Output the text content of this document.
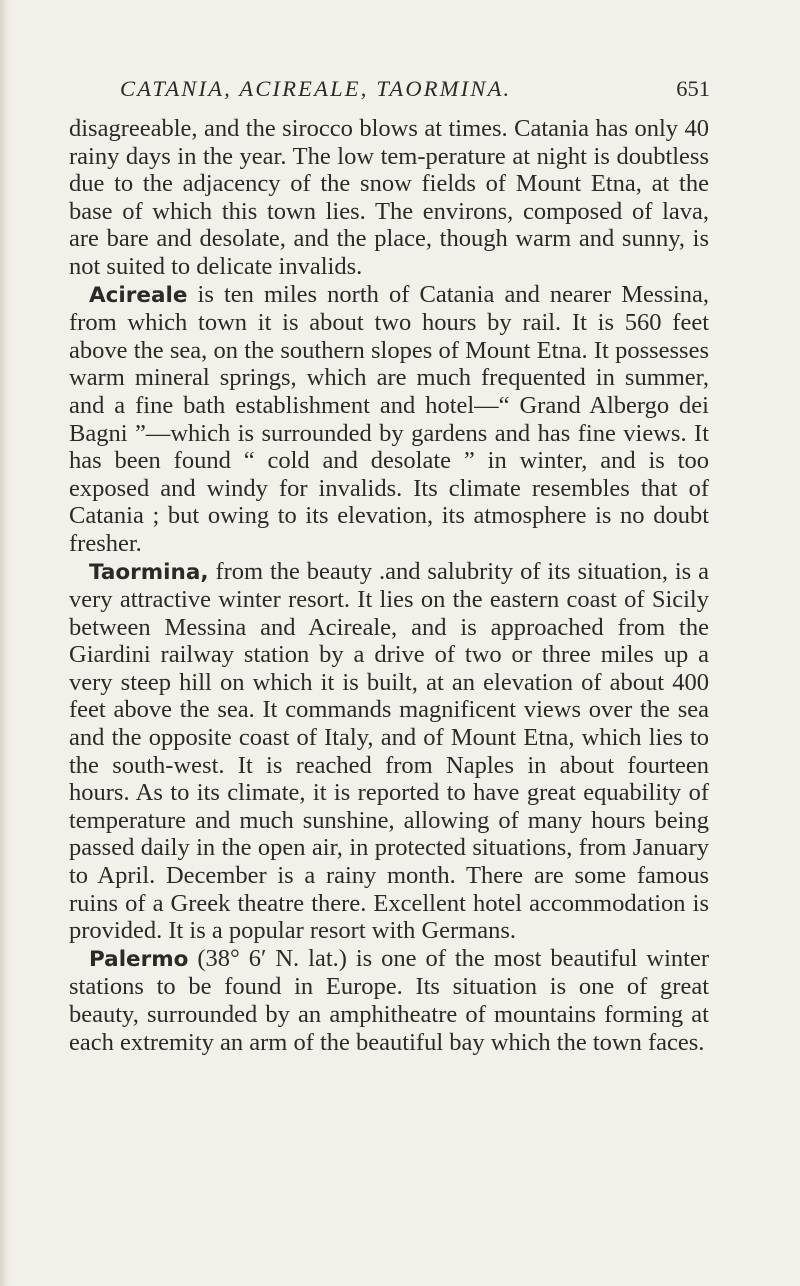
CATANIA, ACIREALE, TAORMINA.	651

disagreeable, and the sirocco blows at times. Catania has only 40 rainy days in the year. The low tem-perature at night is doubtless due to the adjacency of the snow fields of Mount Etna, at the base of which this town lies. The environs, composed of lava, are bare and desolate, and the place, though warm and sunny, is not suited to delicate invalids.

Acireale is ten miles north of Catania and nearer Messina, from which town it is about two hours by rail. It is 560 feet above the sea, on the southern slopes of Mount Etna. It possesses warm mineral springs, which are much frequented in summer, and a fine bath establishment and hotel—“ Grand Albergo dei Bagni ”—which is surrounded by gardens and has fine views. It has been found “ cold and desolate ” in winter, and is too exposed and windy for invalids. Its climate resembles that of Catania ; but owing to its elevation, its atmosphere is no doubt fresher.

Taormina, from the beauty .and salubrity of its situation, is a very attractive winter resort. It lies on the eastern coast of Sicily between Messina and Acireale, and is approached from the Giardini railway station by a drive of two or three miles up a very steep hill on which it is built, at an elevation of about 400 feet above the sea. It commands magnificent views over the sea and the opposite coast of Italy, and of Mount Etna, which lies to the south-west. It is reached from Naples in about fourteen hours. As to its climate, it is reported to have great equability of temperature and much sunshine, allowing of many hours being passed daily in the open air, in protected situations, from January to April. December is a rainy month. There are some famous ruins of a Greek theatre there. Excellent hotel accommodation is provided. It is a popular resort with Germans.

Palermo (38° 6′ N. lat.) is one of the most beautiful winter stations to be found in Europe. Its situation is one of great beauty, surrounded by an amphitheatre of mountains forming at each extremity an arm of the beautiful bay which the town faces.
